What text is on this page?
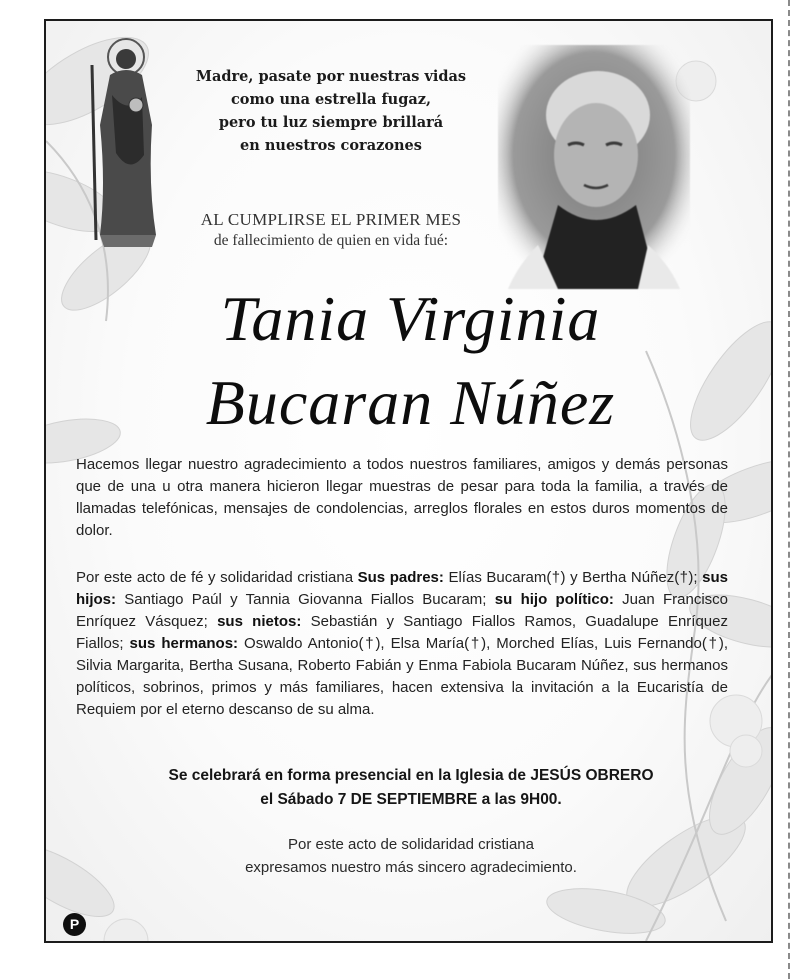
Madre, pasate por nuestras vidas
como una estrella fugaz,
pero tu luz siempre brillará
en nuestros corazones
AL CUMPLIRSE EL PRIMER MES
de fallecimiento de quien en vida fué:
Tania Virginia
Bucaran Núñez

Hacemos llegar nuestro agradecimiento a todos nuestros familiares, amigos y demás personas que de una u otra manera hicieron llegar muestras de pesar para toda la familia, a través de llamadas telefónicas, mensajes de condolencias, arreglos florales en estos duros momentos de dolor.

Por este acto de fé y solidaridad cristiana Sus padres: Elías Bucaram(†) y Bertha Núñez(†); sus hijos: Santiago Paúl y Tannia Giovanna Fiallos Bucaram; su hijo político: Juan Francisco Enríquez Vásquez; sus nietos: Sebastián y Santiago Fiallos Ramos, Guadalupe Enríquez Fiallos; sus hermanos: Oswaldo Antonio(†), Elsa María(†), Morched Elías, Luis Fernando(†), Silvia Margarita, Bertha Susana, Roberto Fabián y Enma Fabiola Bucaram Núñez, sus hermanos políticos, sobrinos, primos y más familiares, hacen extensiva la invitación a la Eucaristía de Requiem por el eterno descanso de su alma.

Se celebrará en forma presencial en la Iglesia de JESÚS OBRERO
el Sábado 7 DE SEPTIEMBRE a las 9H00.
Por este acto de solidaridad cristiana
expresamos nuestro más sincero agradecimiento.
P
